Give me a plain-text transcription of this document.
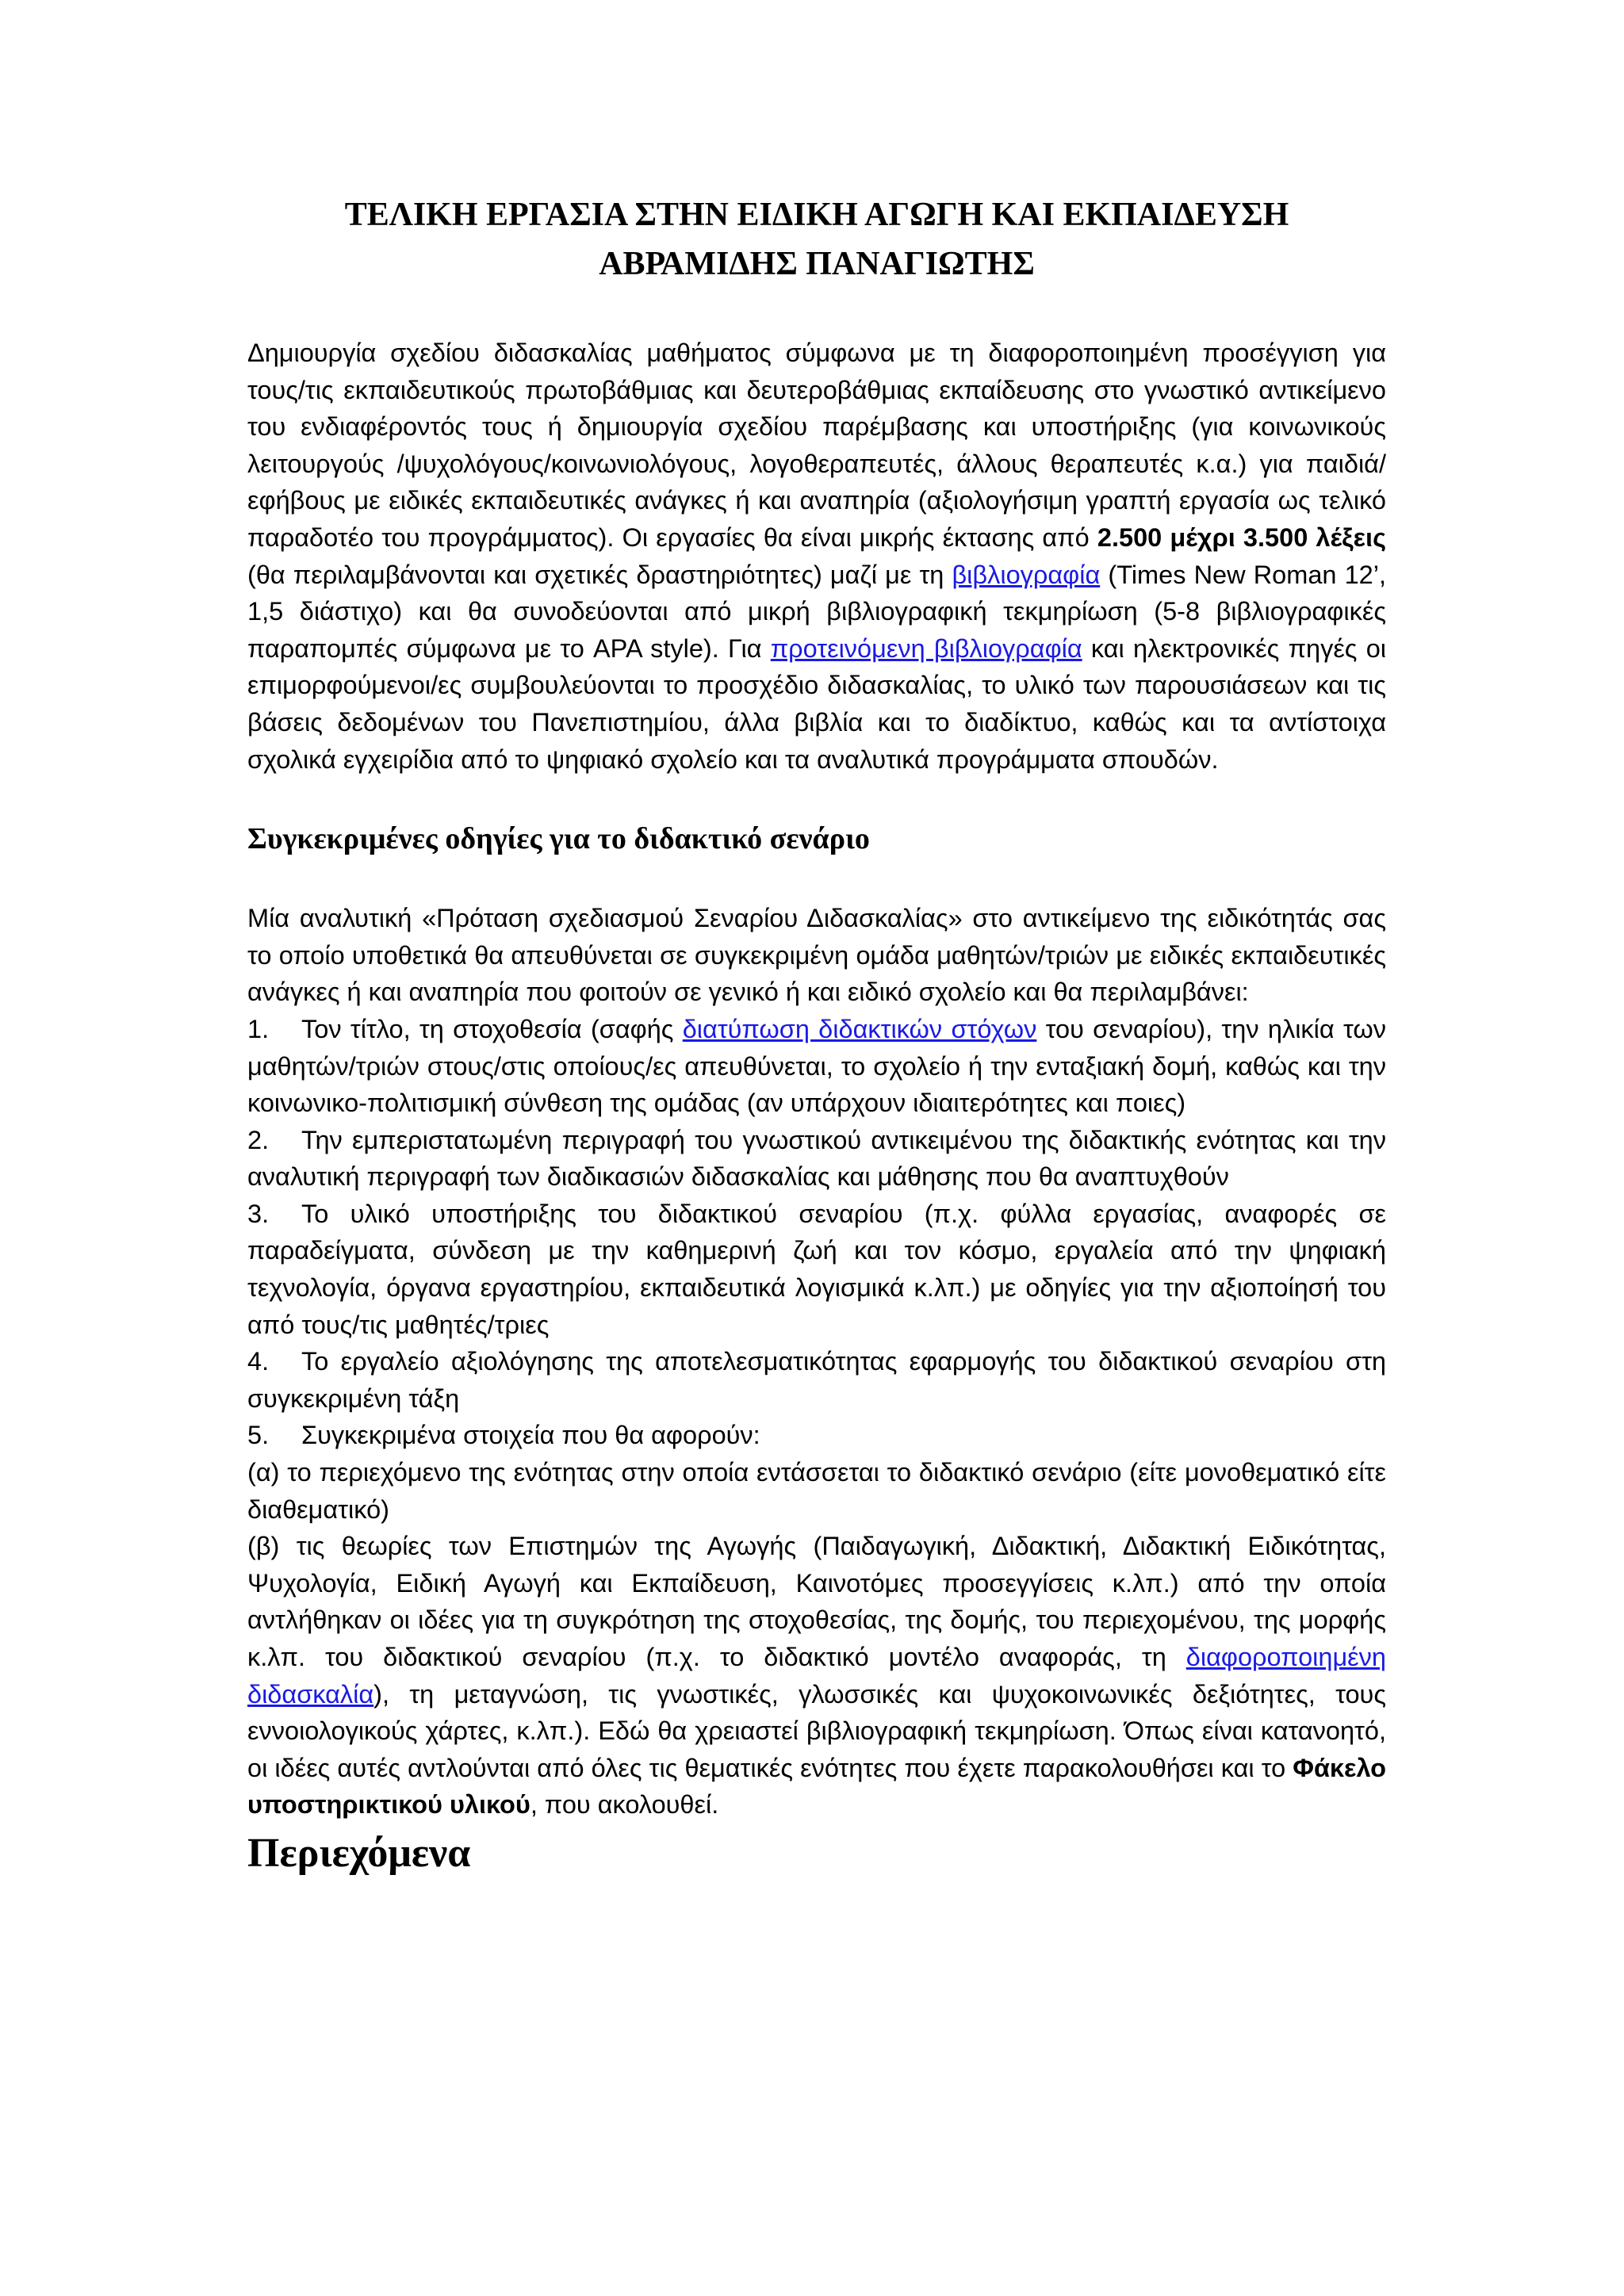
ΤΕΛΙΚΗ ΕΡΓΑΣΙΑ ΣΤΗΝ ΕΙΔΙΚΗ ΑΓΩΓΗ ΚΑΙ ΕΚΠΑΙΔΕΥΣΗ
ΑΒΡΑΜΙΔΗΣ ΠΑΝΑΓΙΩΤΗΣ

Δημιουργία σχεδίου διδασκαλίας μαθήματος σύμφωνα με τη διαφοροποιημένη προσέγγιση για τους/τις εκπαιδευτικούς πρωτοβάθμιας και δευτεροβάθμιας εκπαίδευσης στο γνωστικό αντικείμενο του ενδιαφέροντός τους ή δημιουργία σχεδίου παρέμβασης και υποστήριξης (για κοινωνικούς λειτουργούς /ψυχολόγους/κοινωνιολόγους, λογοθεραπευτές, άλλους θεραπευτές κ.α.) για παιδιά/εφήβους με ειδικές εκπαιδευτικές ανάγκες ή και αναπηρία (αξιολογήσιμη γραπτή εργασία ως τελικό παραδοτέο του προγράμματος). Οι εργασίες θα είναι μικρής έκτασης από 2.500 μέχρι 3.500 λέξεις (θα περιλαμβάνονται και σχετικές δραστηριότητες) μαζί με τη βιβλιογραφία (Times New Roman 12’, 1,5 διάστιχο) και θα συνοδεύονται από μικρή βιβλιογραφική τεκμηρίωση (5-8 βιβλιογραφικές παραπομπές σύμφωνα με το APA style). Για προτεινόμενη βιβλιογραφία και ηλεκτρονικές πηγές οι επιμορφούμενοι/ες συμβουλεύονται το προσχέδιο διδασκαλίας, το υλικό των παρουσιάσεων και τις βάσεις δεδομένων του Πανεπιστημίου, άλλα βιβλία και το διαδίκτυο, καθώς και τα αντίστοιχα σχολικά εγχειρίδια από το ψηφιακό σχολείο και τα αναλυτικά προγράμματα σπουδών.

Συγκεκριμένες οδηγίες για το διδακτικό σενάριο

Μία αναλυτική «Πρόταση σχεδιασμού Σεναρίου Διδασκαλίας» στο αντικείμενο της ειδικότητάς σας το οποίο υποθετικά θα απευθύνεται σε συγκεκριμένη ομάδα μαθητών/τριών με ειδικές εκπαιδευτικές ανάγκες ή και αναπηρία που φοιτούν σε γενικό ή και ειδικό σχολείο και θα περιλαμβάνει:

1. Τον τίτλο, τη στοχοθεσία (σαφής διατύπωση διδακτικών στόχων του σεναρίου), την ηλικία των μαθητών/τριών στους/στις οποίους/ες απευθύνεται, το σχολείο ή την ενταξιακή δομή, καθώς και την κοινωνικο-πολιτισμική σύνθεση της ομάδας (αν υπάρχουν ιδιαιτερότητες και ποιες)

2. Την εμπεριστατωμένη περιγραφή του γνωστικού αντικειμένου της διδακτικής ενότητας και την αναλυτική περιγραφή των διαδικασιών διδασκαλίας και μάθησης που θα αναπτυχθούν

3. Το υλικό υποστήριξης του διδακτικού σεναρίου (π.χ. φύλλα εργασίας, αναφορές σε παραδείγματα, σύνδεση με την καθημερινή ζωή και τον κόσμο, εργαλεία από την ψηφιακή τεχνολογία, όργανα εργαστηρίου, εκπαιδευτικά λογισμικά κ.λπ.) με οδηγίες για την αξιοποίησή του από τους/τις μαθητές/τριες

4. Το εργαλείο αξιολόγησης της αποτελεσματικότητας εφαρμογής του διδακτικού σεναρίου στη συγκεκριμένη τάξη

5. Συγκεκριμένα στοιχεία που θα αφορούν:

(α) το περιεχόμενο της ενότητας στην οποία εντάσσεται το διδακτικό σενάριο (είτε μονοθεματικό είτε διαθεματικό)

(β) τις θεωρίες των Επιστημών της Αγωγής (Παιδαγωγική, Διδακτική, Διδακτική Ειδικότητας, Ψυχολογία, Ειδική Αγωγή και Εκπαίδευση, Καινοτόμες προσεγγίσεις κ.λπ.) από την οποία αντλήθηκαν οι ιδέες για τη συγκρότηση της στοχοθεσίας, της δομής, του περιεχομένου, της μορφής κ.λπ. του διδακτικού σεναρίου (π.χ. το διδακτικό μοντέλο αναφοράς, τη διαφοροποιημένη διδασκαλία), τη μεταγνώση, τις γνωστικές, γλωσσικές και ψυχοκοινωνικές δεξιότητες, τους εννοιολογικούς χάρτες, κ.λπ.). Εδώ θα χρειαστεί βιβλιογραφική τεκμηρίωση. Όπως είναι κατανοητό, οι ιδέες αυτές αντλούνται από όλες τις θεματικές ενότητες που έχετε παρακολουθήσει και το Φάκελο υποστηρικτικού υλικού, που ακολουθεί.

Περιεχόμενα
